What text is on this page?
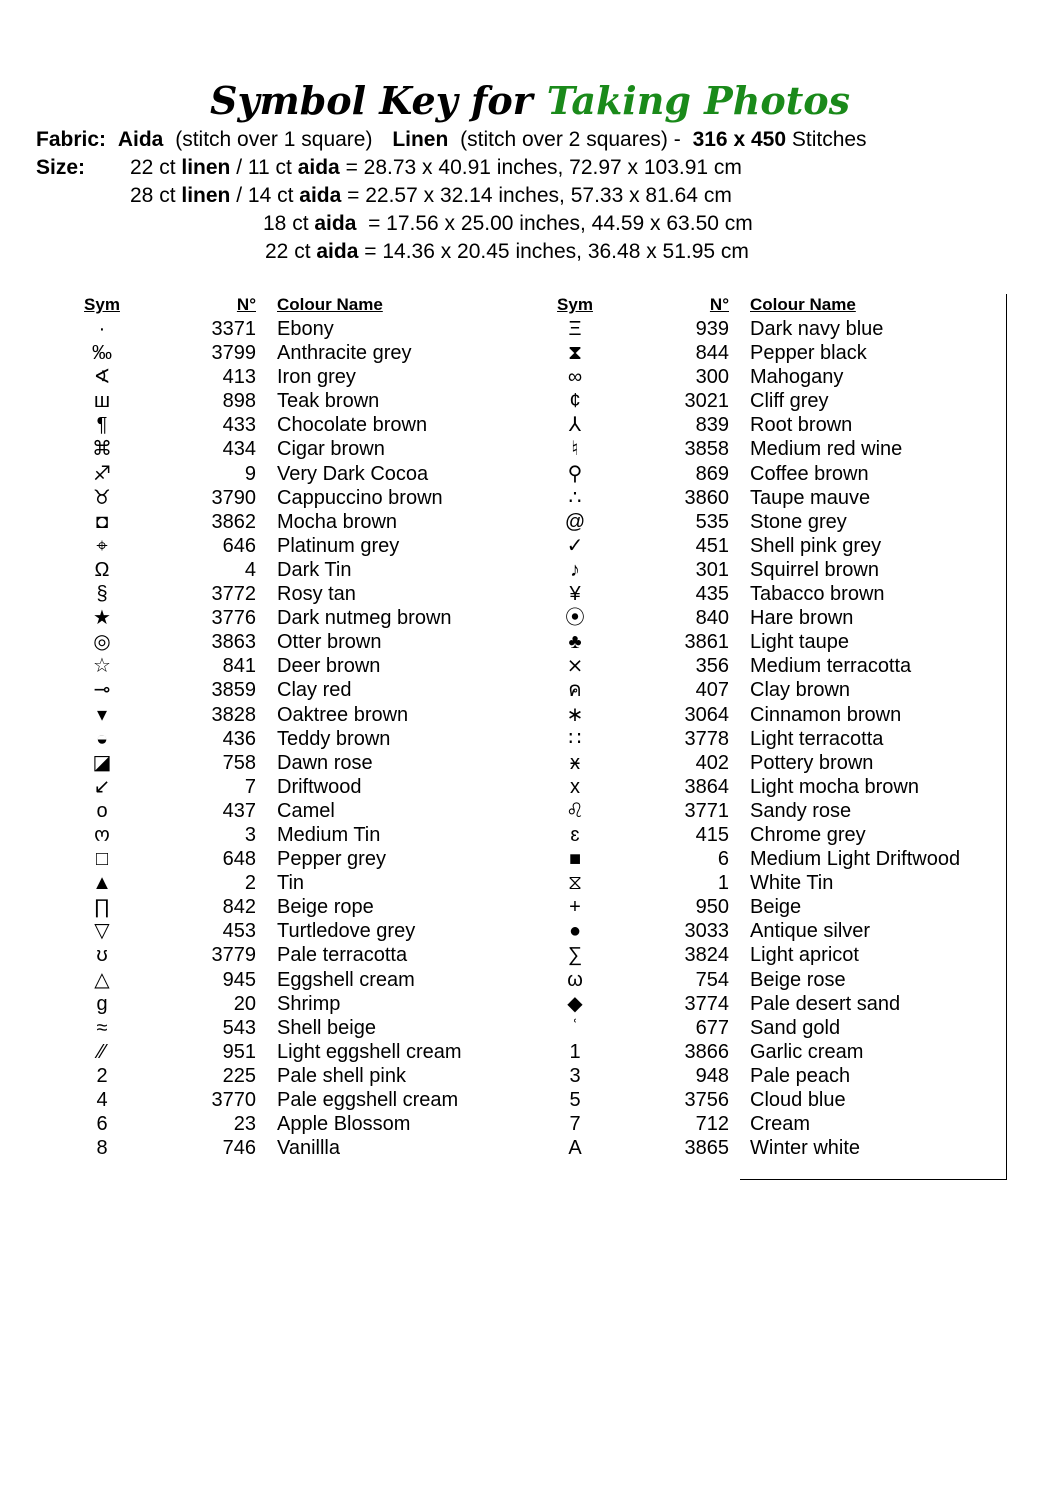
Symbol Key for Taking Photos
Fabric: Aida (stitch over 1 square) Linen (stitch over 2 squares) - 316 x 450 Stitches
Size: 22 ct linen / 11 ct aida = 28.73 x 40.91 inches, 72.97 x 103.91 cm
28 ct linen / 14 ct aida = 22.57 x 32.14 inches, 57.33 x 81.64 cm
18 ct aida  = 17.56 x 25.00 inches, 44.59 x 63.50 cm
22 ct aida = 14.36 x 20.45 inches, 36.48 x 51.95 cm
Sym	N° Colour Name
·	3371 Ebony
‰	3799 Anthracite grey
∢	413 Iron grey
ш	898 Teak brown
¶	433 Chocolate brown
⌘	434 Cigar brown
♐	9 Very Dark Cocoa
♉	3790 Cappuccino brown
◘	3862 Mocha brown
⌖	646 Platinum grey
Ω	4 Dark Tin
§	3772 Rosy tan
★	3776 Dark nutmeg brown
◎	3863 Otter brown
☆	841 Deer brown
⊸	3859 Clay red
▾	3828 Oaktree brown
◒	436 Teddy brown
◪	758 Dawn rose
↙	7 Driftwood
o	437 Camel
ო	3 Medium Tin
□	648 Pepper grey
▲	2 Tin
∏	842 Beige rope
▽	453 Turtledove grey
ʊ	3779 Pale terracotta
△	945 Eggshell cream
g	20 Shrimp
≈	543 Shell beige
⁄⁄	951 Light eggshell cream
2	225 Pale shell pink
4	3770 Pale eggshell cream
6	23 Apple Blossom
8	746 Vanillla
Sym	N° Colour Name
Ξ	939 Dark navy blue
⧗	844 Pepper black
∞	300 Mahogany
¢	3021 Cliff grey
⅄	839 Root brown
♮	3858 Medium red wine
⚲	869 Coffee brown
∴	3860 Taupe mauve
@	535 Stone grey
✓	451 Shell pink grey
♪	301 Squirrel brown
¥	435 Tabacco brown
⦿	840 Hare brown
♣	3861 Light taupe
⨯	356 Medium terracotta
ค	407 Clay brown
∗	3064 Cinnamon brown
∷	3778 Light terracotta
ӿ	402 Pottery brown
x	3864 Light mocha brown
♌	3771 Sandy rose
ɛ	415 Chrome grey
■	6 Medium Light Driftwood
⧖	1 White Tin
+	950 Beige
●	3033 Antique silver
∑	3824 Light apricot
ω	754 Beige rose
◆	3774 Pale desert sand
ʿ	677 Sand gold
1	3866 Garlic cream
3	948 Pale peach
5	3756 Cloud blue
7	712 Cream
A	3865 Winter white
